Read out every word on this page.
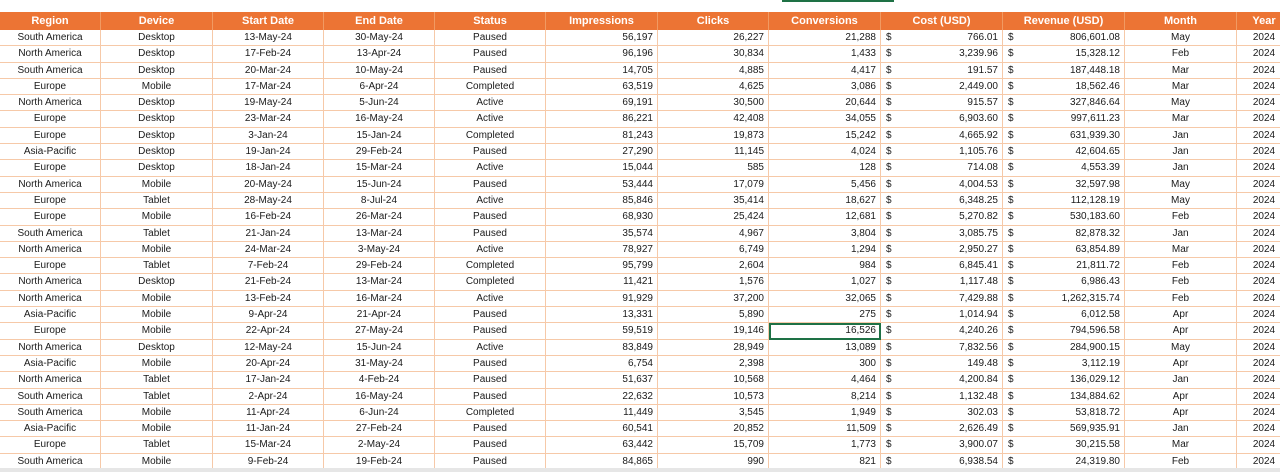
Region	Device	Start Date	End Date	Status	Impressions	Clicks	Conversions	Cost (USD)	Revenue (USD)	Month	Year
South America	Desktop	13-May-24	30-May-24	Paused	56,197	26,227	21,288	$	766.01	$	806,601.08	May	2024
North America	Desktop	17-Feb-24	13-Apr-24	Paused	96,196	30,834	1,433	$	3,239.96	$	15,328.12	Feb	2024
South America	Desktop	20-Mar-24	10-May-24	Paused	14,705	4,885	4,417	$	191.57	$	187,448.18	Mar	2024
Europe	Mobile	17-Mar-24	6-Apr-24	Completed	63,519	4,625	3,086	$	2,449.00	$	18,562.46	Mar	2024
North America	Desktop	19-May-24	5-Jun-24	Active	69,191	30,500	20,644	$	915.57	$	327,846.64	May	2024
Europe	Desktop	23-Mar-24	16-May-24	Active	86,221	42,408	34,055	$	6,903.60	$	997,611.23	Mar	2024
Europe	Desktop	3-Jan-24	15-Jan-24	Completed	81,243	19,873	15,242	$	4,665.92	$	631,939.30	Jan	2024
Asia-Pacific	Desktop	19-Jan-24	29-Feb-24	Paused	27,290	11,145	4,024	$	1,105.76	$	42,604.65	Jan	2024
Europe	Desktop	18-Jan-24	15-Mar-24	Active	15,044	585	128	$	714.08	$	4,553.39	Jan	2024
North America	Mobile	20-May-24	15-Jun-24	Paused	53,444	17,079	5,456	$	4,004.53	$	32,597.98	May	2024
Europe	Tablet	28-May-24	8-Jul-24	Active	85,846	35,414	18,627	$	6,348.25	$	112,128.19	May	2024
Europe	Mobile	16-Feb-24	26-Mar-24	Paused	68,930	25,424	12,681	$	5,270.82	$	530,183.60	Feb	2024
South America	Tablet	21-Jan-24	13-Mar-24	Paused	35,574	4,967	3,804	$	3,085.75	$	82,878.32	Jan	2024
North America	Mobile	24-Mar-24	3-May-24	Active	78,927	6,749	1,294	$	2,950.27	$	63,854.89	Mar	2024
Europe	Tablet	7-Feb-24	29-Feb-24	Completed	95,799	2,604	984	$	6,845.41	$	21,811.72	Feb	2024
North America	Desktop	21-Feb-24	13-Mar-24	Completed	11,421	1,576	1,027	$	1,117.48	$	6,986.43	Feb	2024
North America	Mobile	13-Feb-24	16-Mar-24	Active	91,929	37,200	32,065	$	7,429.88	$	1,262,315.74	Feb	2024
Asia-Pacific	Mobile	9-Apr-24	21-Apr-24	Paused	13,331	5,890	275	$	1,014.94	$	6,012.58	Apr	2024
Europe	Mobile	22-Apr-24	27-May-24	Paused	59,519	19,146	16,526	$	4,240.26	$	794,596.58	Apr	2024
North America	Desktop	12-May-24	15-Jun-24	Active	83,849	28,949	13,089	$	7,832.56	$	284,900.15	May	2024
Asia-Pacific	Mobile	20-Apr-24	31-May-24	Paused	6,754	2,398	300	$	149.48	$	3,112.19	Apr	2024
North America	Tablet	17-Jan-24	4-Feb-24	Paused	51,637	10,568	4,464	$	4,200.84	$	136,029.12	Jan	2024
South America	Tablet	2-Apr-24	16-May-24	Paused	22,632	10,573	8,214	$	1,132.48	$	134,884.62	Apr	2024
South America	Mobile	11-Apr-24	6-Jun-24	Completed	11,449	3,545	1,949	$	302.03	$	53,818.72	Apr	2024
Asia-Pacific	Mobile	11-Jan-24	27-Feb-24	Paused	60,541	20,852	11,509	$	2,626.49	$	569,935.91	Jan	2024
Europe	Tablet	15-Mar-24	2-May-24	Paused	63,442	15,709	1,773	$	3,900.07	$	30,215.58	Mar	2024
South America	Mobile	9-Feb-24	19-Feb-24	Paused	84,865	990	821	$	6,938.54	$	24,319.80	Feb	2024
